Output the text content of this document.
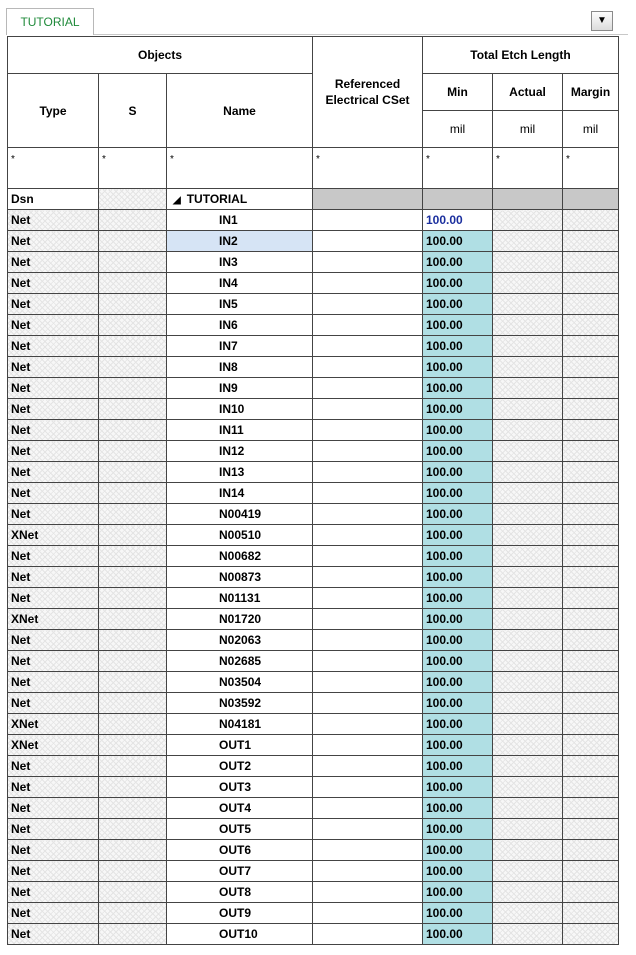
TUTORIAL	▼
Objects			Referenced Electrical CSet	Total Etch Length		
Type	S	Name		Min	Actual	Margin
				mil	mil	mil
*	*	*	*	*	*	*
Dsn		◢ TUTORIAL				
Net		IN1		100.00		
Net		IN2		100.00		
Net		IN3		100.00		
Net		IN4		100.00		
Net		IN5		100.00		
Net		IN6		100.00		
Net		IN7		100.00		
Net		IN8		100.00		
Net		IN9		100.00		
Net		IN10		100.00		
Net		IN11		100.00		
Net		IN12		100.00		
Net		IN13		100.00		
Net		IN14		100.00		
Net		N00419		100.00		
XNet		N00510		100.00		
Net		N00682		100.00		
Net		N00873		100.00		
Net		N01131		100.00		
XNet		N01720		100.00		
Net		N02063		100.00		
Net		N02685		100.00		
Net		N03504		100.00		
Net		N03592		100.00		
XNet		N04181		100.00		
XNet		OUT1		100.00		
Net		OUT2		100.00		
Net		OUT3		100.00		
Net		OUT4		100.00		
Net		OUT5		100.00		
Net		OUT6		100.00		
Net		OUT7		100.00		
Net		OUT8		100.00		
Net		OUT9		100.00		
Net		OUT10		100.00		
